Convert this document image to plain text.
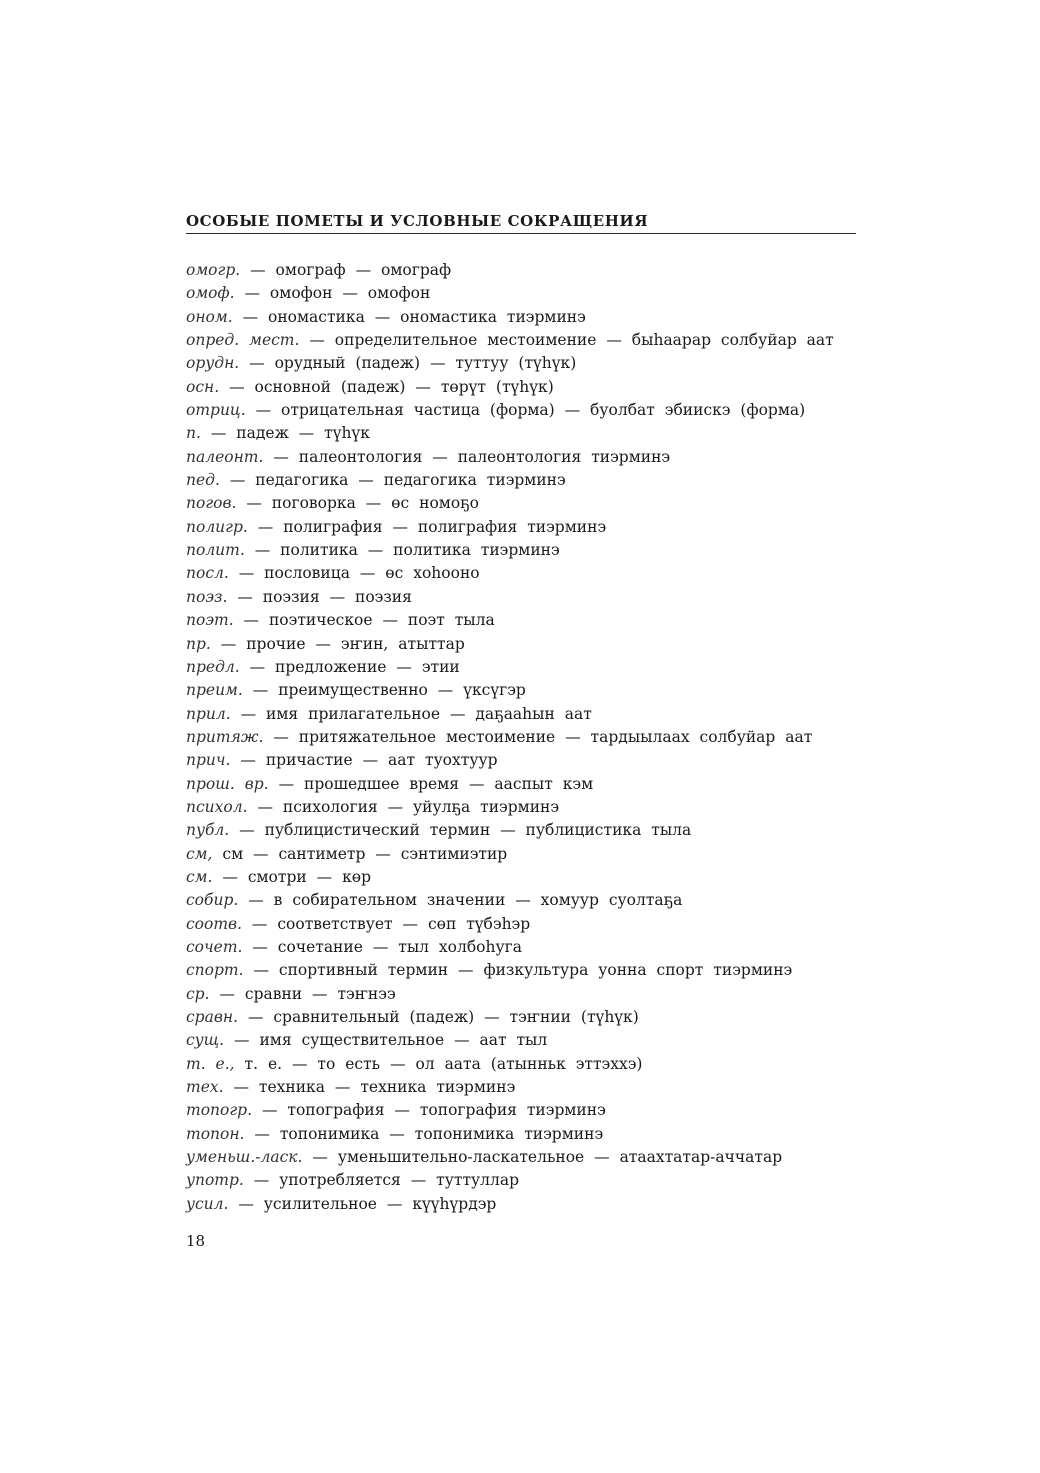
ОСОБЫЕ ПОМЕТЫ И УСЛОВНЫЕ СОКРАЩЕНИЯ
омогр. — омограф — омограф
омоф. — омофон — омофон
оном. — ономастика — ономастика тиэрминэ
опред. мест. — определительное местоимение — быһаарар солбуйар аат
орудн. — орудный (падеж) — туттуу (түһүк)
осн. — основной (падеж) — төрүт (түһүк)
отриц. — отрицательная частица (форма) — буолбат эбиискэ (форма)
п. — падеж — түһүк
палеонт. — палеонтология — палеонтология тиэрминэ
пед. — педагогика — педагогика тиэрминэ
погов. — поговорка — өс номоҕо
полигр. — полиграфия — полиграфия тиэрминэ
полит. — политика — политика тиэрминэ
посл. — пословица — өс хоһооно
поэз. — поэзия — поэзия
поэт. — поэтическое — поэт тыла
пр. — прочие — эҥин, атыттар
предл. — предложение — этии
преим. — преимущественно — үксүгэр
прил. — имя прилагательное — даҕааһын аат
притяж. — притяжательное местоимение — тардыылаах солбуйар аат
прич. — причастие — аат туохтуур
прош. вр. — прошедшее время — ааспыт кэм
психол. — психология — уйулҕа тиэрминэ
публ. — публицистический термин — публицистика тыла
см, см — сантиметр — сэнтимиэтир
см. — смотри — көр
собир. — в собирательном значении — хомуур суолтаҕа
соотв. — соответствует — сөп түбэһэр
сочет. — сочетание — тыл холбоһуга
спорт. — спортивный термин — физкультура уонна спорт тиэрминэ
ср. — сравни — тэҥнээ
сравн. — сравнительный (падеж) — тэҥнии (түһүк)
сущ. — имя существительное — аат тыл
т. е., т. е. — то есть — ол аата (атынньк эттэххэ)
тех. — техника — техника тиэрминэ
топогр. — топография — топография тиэрминэ
топон. — топонимика — топонимика тиэрминэ
уменьш.-ласк. — уменьшительно-ласкательное — атаахтатар-аччатар
употр. — употребляется — туттуллар
усил. — усилительное — күүһүрдэр
18
